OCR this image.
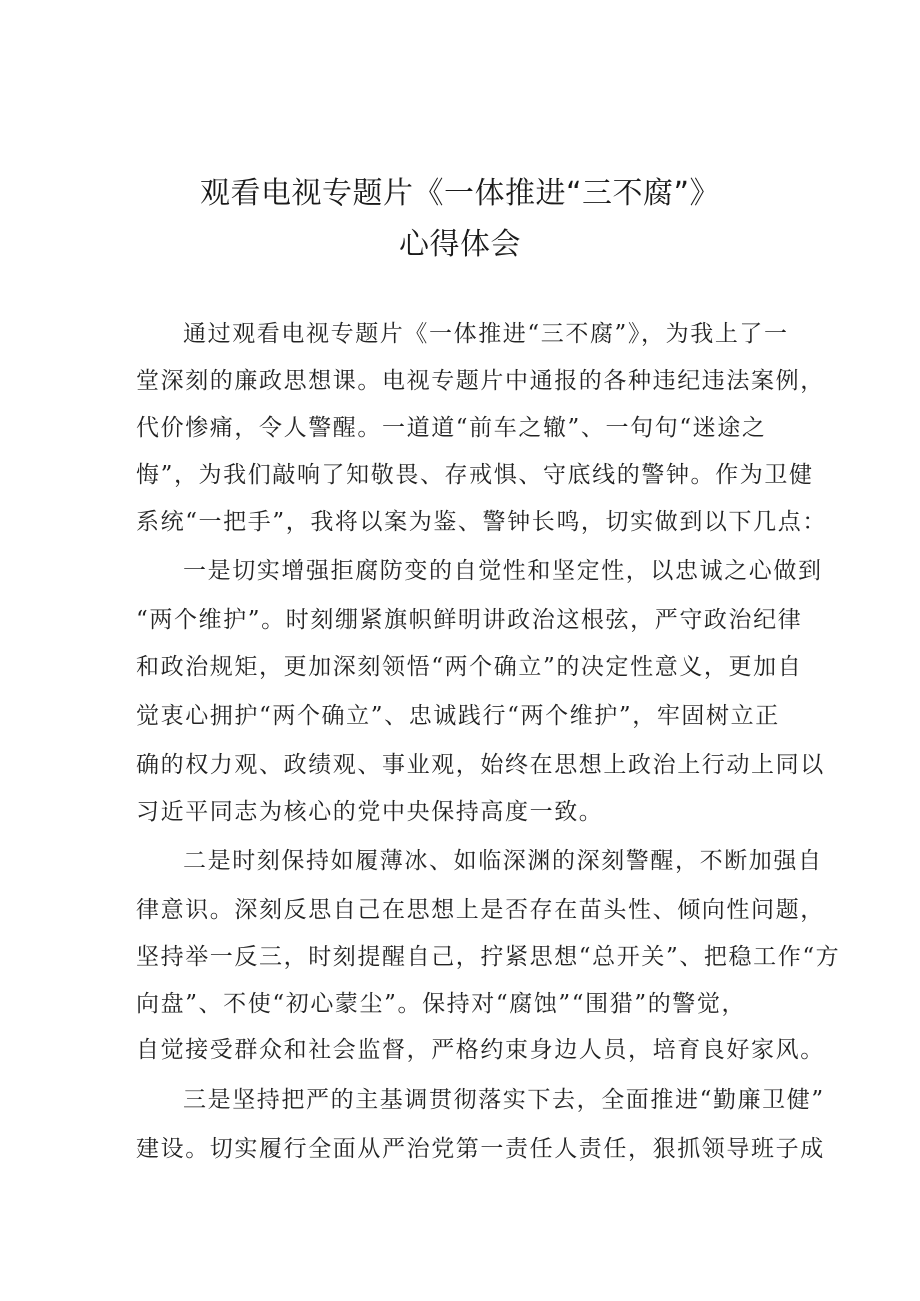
观看电视专题片《一体推进“三不腐”》
心得体会
通过观看电视专题片《一体推进“三不腐”》，为我上了一
堂深刻的廉政思想课。电视专题片中通报的各种违纪违法案例，
代价惨痛，令人警醒。一道道“前车之辙”、一句句“迷途之
悔”，为我们敲响了知敬畏、存戒惧、守底线的警钟。作为卫健
系统“一把手”，我将以案为鉴、警钟长鸣，切实做到以下几点：
一是切实增强拒腐防变的自觉性和坚定性，以忠诚之心做到
“两个维护”。时刻绷紧旗帜鲜明讲政治这根弦，严守政治纪律
和政治规矩，更加深刻领悟“两个确立”的决定性意义，更加自
觉衷心拥护“两个确立”、忠诚践行“两个维护”，牢固树立正
确的权力观、政绩观、事业观，始终在思想上政治上行动上同以
习近平同志为核心的党中央保持高度一致。
二是时刻保持如履薄冰、如临深渊的深刻警醒，不断加强自
律意识。深刻反思自己在思想上是否存在苗头性、倾向性问题，
坚持举一反三，时刻提醒自己，拧紧思想“总开关”、把稳工作“方
向盘”、不使“初心蒙尘”。保持对“腐蚀”“围猎”的警觉，
自觉接受群众和社会监督，严格约束身边人员，培育良好家风。
三是坚持把严的主基调贯彻落实下去，全面推进“勤廉卫健”
建设。切实履行全面从严治党第一责任人责任，狠抓领导班子成
